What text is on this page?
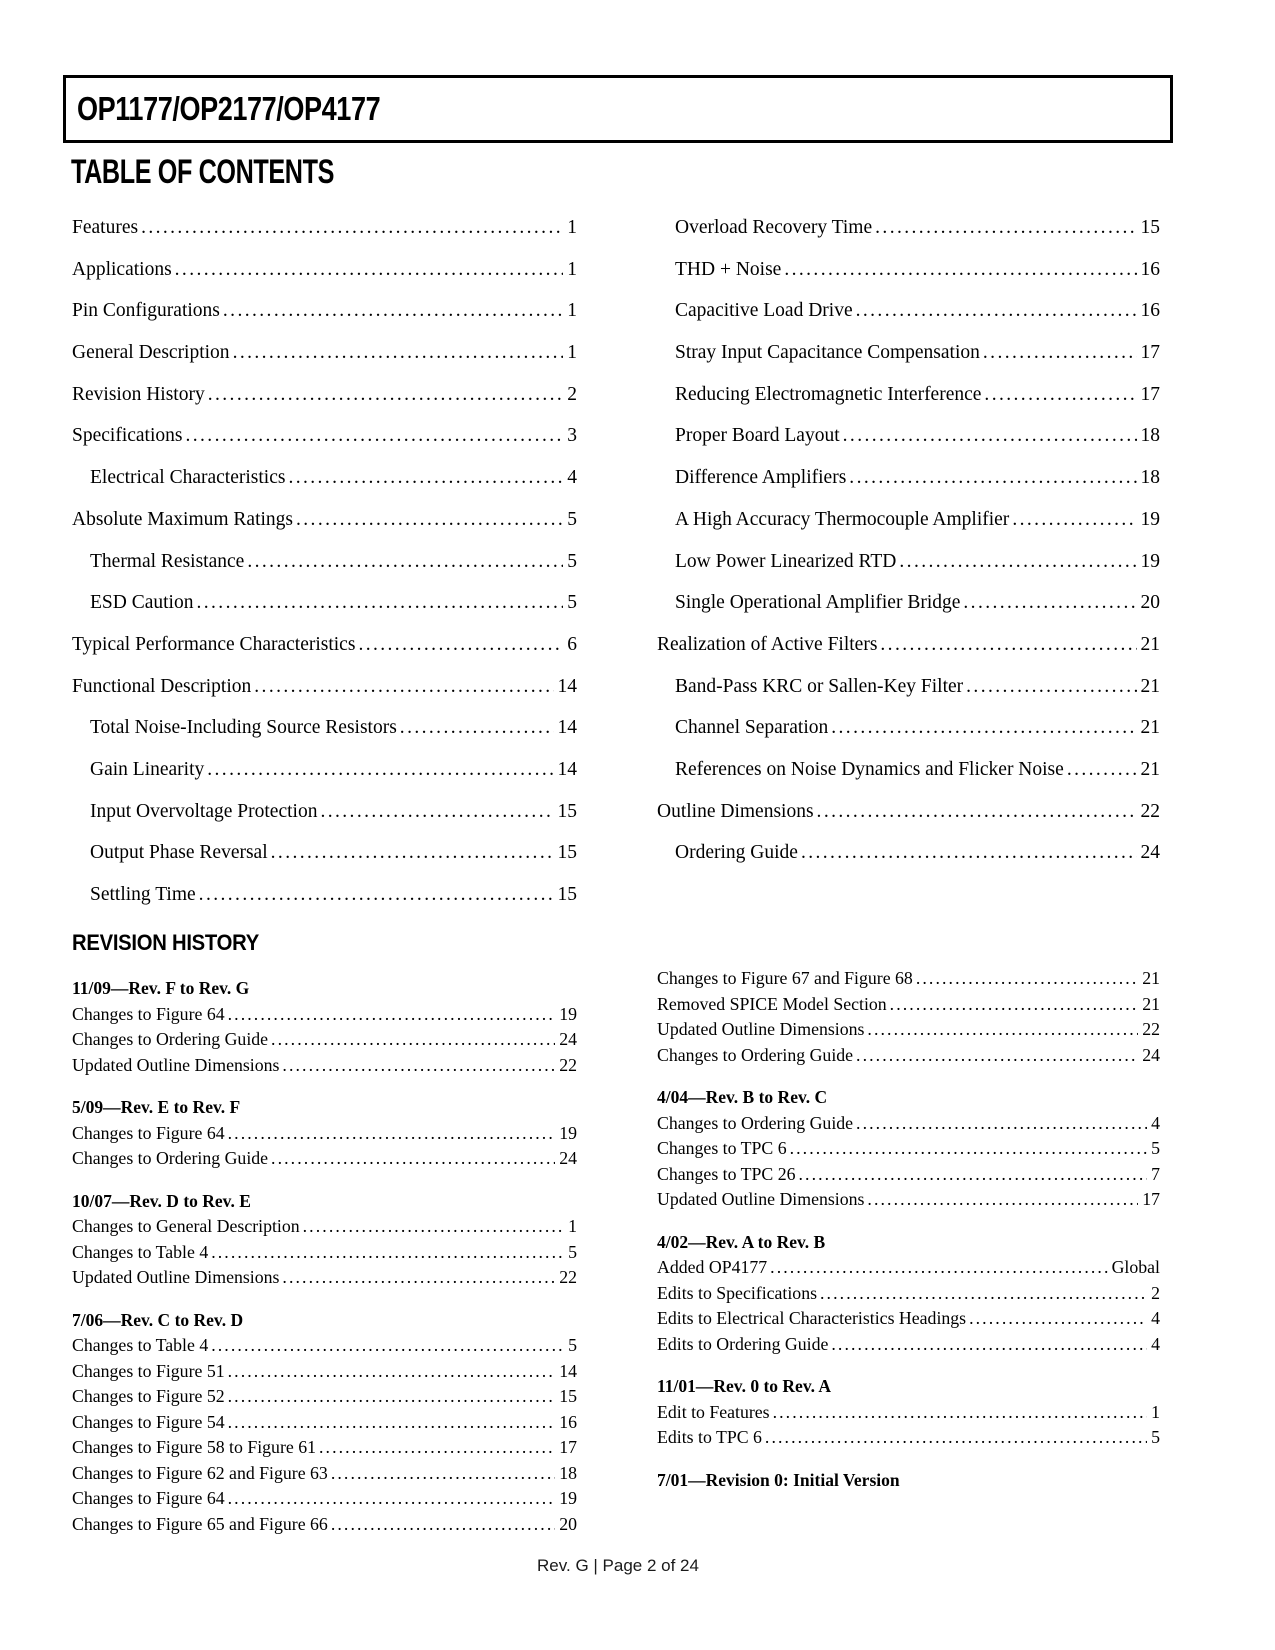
OP1177/OP2177/OP4177
TABLE OF CONTENTS
Features .....	1
Applications .....	1
Pin Configurations .....	1
General Description .....	1
Revision History .....	2
Specifications .....	3
Electrical Characteristics .....	4
Absolute Maximum Ratings .....	5
Thermal Resistance .....	5
ESD Caution .....	5
Typical Performance Characteristics .....	6
Functional Description .....	14
Total Noise-Including Source Resistors .....	14
Gain Linearity .....	14
Input Overvoltage Protection .....	15
Output Phase Reversal .....	15
Settling Time .....	15
Overload Recovery Time .....	15
THD + Noise .....	16
Capacitive Load Drive .....	16
Stray Input Capacitance Compensation .....	17
Reducing Electromagnetic Interference .....	17
Proper Board Layout .....	18
Difference Amplifiers .....	18
A High Accuracy Thermocouple Amplifier .....	19
Low Power Linearized RTD .....	19
Single Operational Amplifier Bridge .....	20
Realization of Active Filters .....	21
Band-Pass KRC or Sallen-Key Filter .....	21
Channel Separation .....	21
References on Noise Dynamics and Flicker Noise .....	21
Outline Dimensions .....	22
Ordering Guide .....	24
REVISION HISTORY
11/09—Rev. F to Rev. G
Changes to Figure 64 .....	19
Changes to Ordering Guide .....	24
Updated Outline Dimensions .....	22
5/09—Rev. E to Rev. F
Changes to Figure 64 .....	19
Changes to Ordering Guide .....	24
10/07—Rev. D to Rev. E
Changes to General Description .....	1
Changes to Table 4 .....	5
Updated Outline Dimensions .....	22
7/06—Rev. C to Rev. D
Changes to Table 4 .....	5
Changes to Figure 51 .....	14
Changes to Figure 52 .....	15
Changes to Figure 54 .....	16
Changes to Figure 58 to Figure 61 .....	17
Changes to Figure 62 and Figure 63 .....	18
Changes to Figure 64 .....	19
Changes to Figure 65 and Figure 66 .....	20
Changes to Figure 67 and Figure 68 .....	21
Removed SPICE Model Section .....	21
Updated Outline Dimensions .....	22
Changes to Ordering Guide .....	24
4/04—Rev. B to Rev. C
Changes to Ordering Guide .....	4
Changes to TPC 6 .....	5
Changes to TPC 26 .....	7
Updated Outline Dimensions .....	17
4/02—Rev. A to Rev. B
Added OP4177 .....	Global
Edits to Specifications .....	2
Edits to Electrical Characteristics Headings .....	4
Edits to Ordering Guide .....	4
11/01—Rev. 0 to Rev. A
Edit to Features .....	1
Edits to TPC 6 .....	5
7/01—Revision 0: Initial Version
Rev. G | Page 2 of 24
